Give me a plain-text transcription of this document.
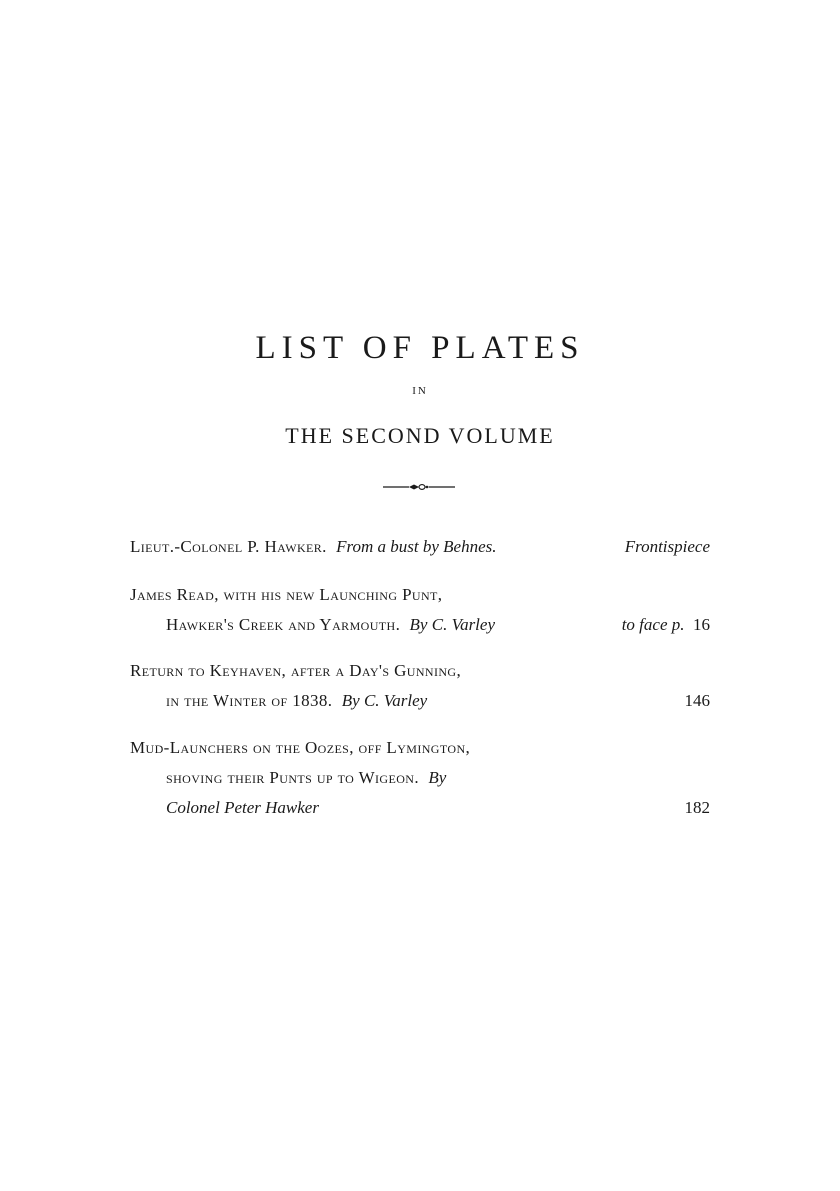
LIST OF PLATES
IN
THE SECOND VOLUME
Lieut.-Colonel P. Hawker. From a bust by Behnes.	Frontispiece
James Read, with his new Launching Punt,
Hawker's Creek and Yarmouth. By C. Varley	to face p. 16
Return to Keyhaven, after a Day's Gunning,
in the Winter of 1838. By C. Varley	146
Mud-Launchers on the Oozes, off Lymington,
shoving their Punts up to Wigeon. By
Colonel Peter Hawker	182
